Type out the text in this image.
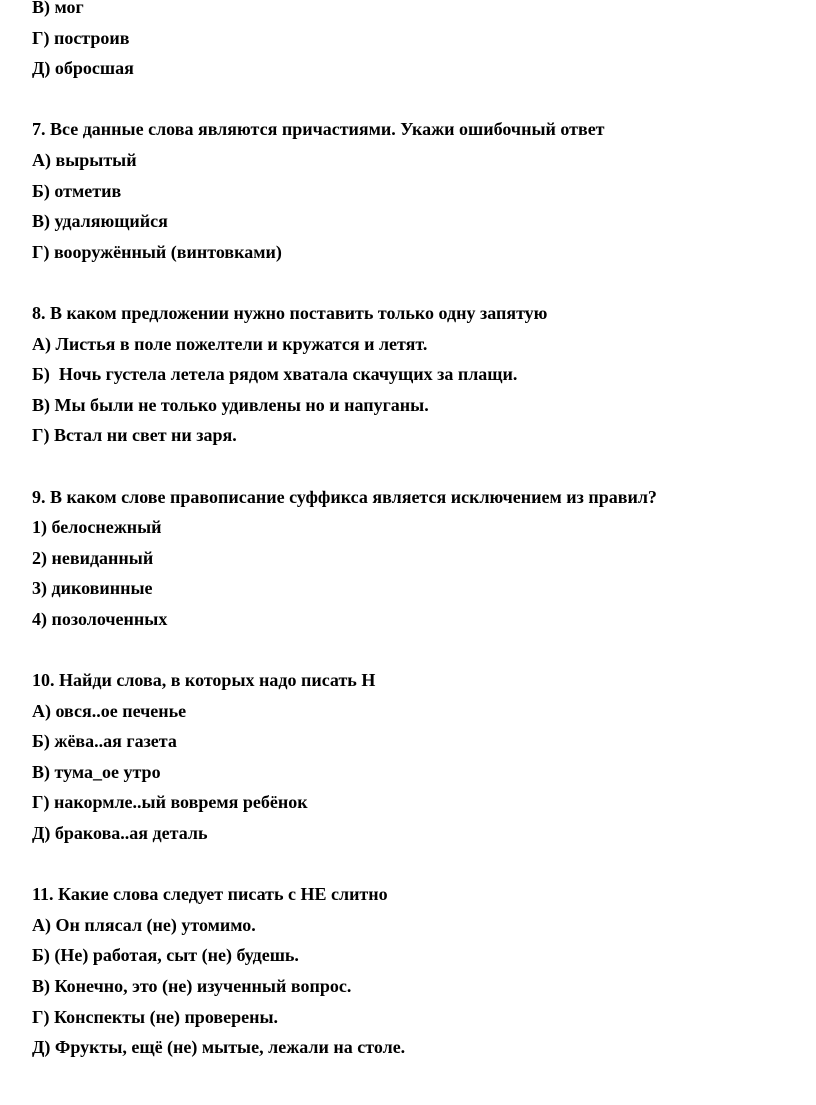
В) мог
Г) построив
Д) обросшая
7. Все данные слова являются причастиями. Укажи ошибочный ответ
А) вырытый
Б) отметив
В) удаляющийся
Г) вооружённый (винтовками)
8. В каком предложении нужно поставить только одну запятую
А) Листья в поле пожелтели и кружатся и летят.
Б)  Ночь густела летела рядом хватала скачущих за плащи.
В) Мы были не только удивлены но и напуганы.
Г) Встал ни свет ни заря.
9. В каком слове правописание суффикса является исключением из правил?
1) белоснежный
2) невиданный
3) диковинные
4) позолоченных
10. Найди слова, в которых надо писать Н
А) овся..ое печенье
Б) жёва..ая газета
В) тума_ое утро
Г) накормле..ый вовремя ребёнок
Д) бракова..ая деталь
11. Какие слова следует писать с НЕ слитно
А) Он плясал (не) утомимо.
Б) (Не) работая, сыт (не) будешь.
В) Конечно, это (не) изученный вопрос.
Г) Конспекты (не) проверены.
Д) Фрукты, ещё (не) мытые, лежали на столе.
